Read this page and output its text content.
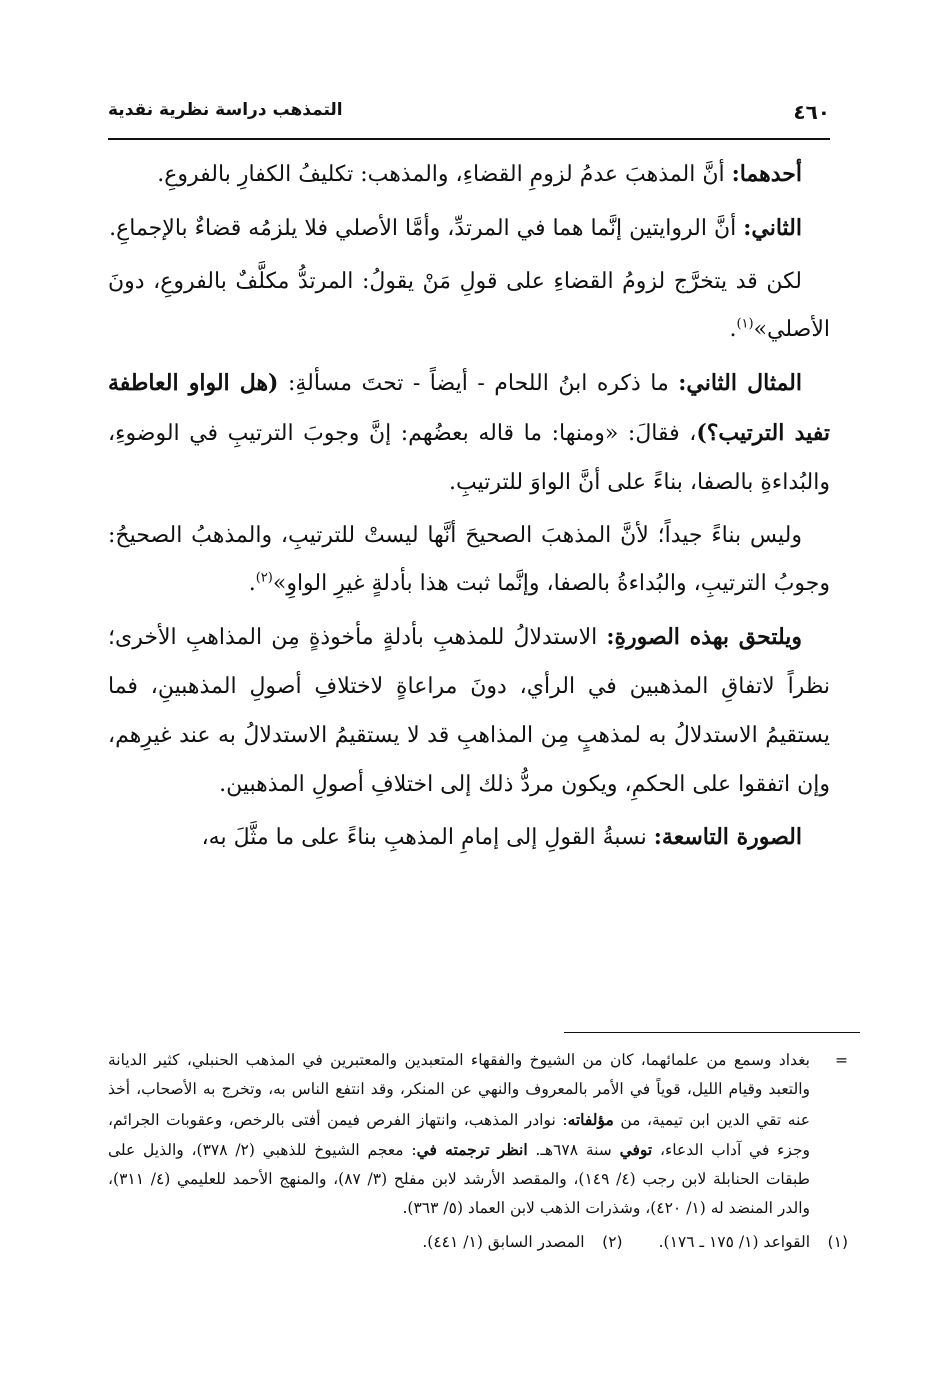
٤٦٠
التمذهب دراسة نظرية نقدية

أحدهما: أنَّ المذهبَ عدمُ لزومِ القضاءِ، والمذهب: تكليفُ الكفارِ بالفروعِ.

الثاني: أنَّ الروايتين إنَّما هما في المرتدِّ، وأمَّا الأصلي فلا يلزمُه قضاءٌ بالإجماعِ.

لكن قد يتخرَّج لزومُ القضاءِ على قولِ مَنْ يقولُ: المرتدُّ مكلَّفٌ بالفروعِ، دونَ الأصلي»$^{(١)}$.

المثال الثاني: ما ذكره ابنُ اللحام - أيضاً - تحتَ مسألةِ: (هل الواو العاطفة تفيد الترتيب؟)، فقالَ: «ومنها: ما قاله بعضُهم: إنَّ وجوبَ الترتيبِ في الوضوءِ، والبُداءةِ بالصفا، بناءً على أنَّ الواوَ للترتيبِ.

وليس بناءً جيداً؛ لأنَّ المذهبَ الصحيحَ أنَّها ليستْ للترتيبِ، والمذهبُ الصحيحُ: وجوبُ الترتيبِ، والبُداءةُ بالصفا، وإنَّما ثبت هذا بأدلةٍ غيرِ الواوِ»$^{(٢)}$.

ويلتحق بهذه الصورةِ: الاستدلالُ للمذهبِ بأدلةٍ مأخوذةٍ مِن المذاهبِ الأخرى؛ نظراً لاتفاقِ المذهبين في الرأي، دونَ مراعاةٍ لاختلافِ أصولِ المذهبينِ، فما يستقيمُ الاستدلالُ به لمذهبٍ مِن المذاهبِ قد لا يستقيمُ الاستدلالُ به عند غيرِهم، وإن اتفقوا على الحكمِ، ويكون مردُّ ذلك إلى اختلافِ أصولِ المذهبين.

الصورة التاسعة: نسبةُ القولِ إلى إمامِ المذهبِ بناءً على ما مثَّلَ به،

=
بغداد وسمع من علمائهما، كان من الشيوخ والفقهاء المتعبدين والمعتبرين في المذهب الحنبلي، كثير الديانة والتعبد وقيام الليل، قوياً في الأمر بالمعروف والنهي عن المنكر، وقد انتفع الناس به، وتخرج به الأصحاب، أخذ عنه تقي الدين ابن تيمية، من مؤلفاته: نوادر المذهب، وانتهاز الفرص فيمن أفتى بالرخص، وعقوبات الجرائم، وجزء في آداب الدعاء، توفي سنة ٦٧٨هـ. انظر ترجمته في: معجم الشيوخ للذهبي (٢/ ٣٧٨)، والذيل على طبقات الحنابلة لابن رجب (٤/ ١٤٩)، والمقصد الأرشد لابن مفلح (٣/ ٨٧)، والمنهج الأحمد للعليمي (٤/ ٣١١)، والدر المنضد له (١/ ٤٢٠)، وشذرات الذهب لابن العماد (٥/ ٣٦٣).
(١)
القواعد (١/ ١٧٥ ـ ١٧٦).
(٢)
المصدر السابق (١/ ٤٤١).
